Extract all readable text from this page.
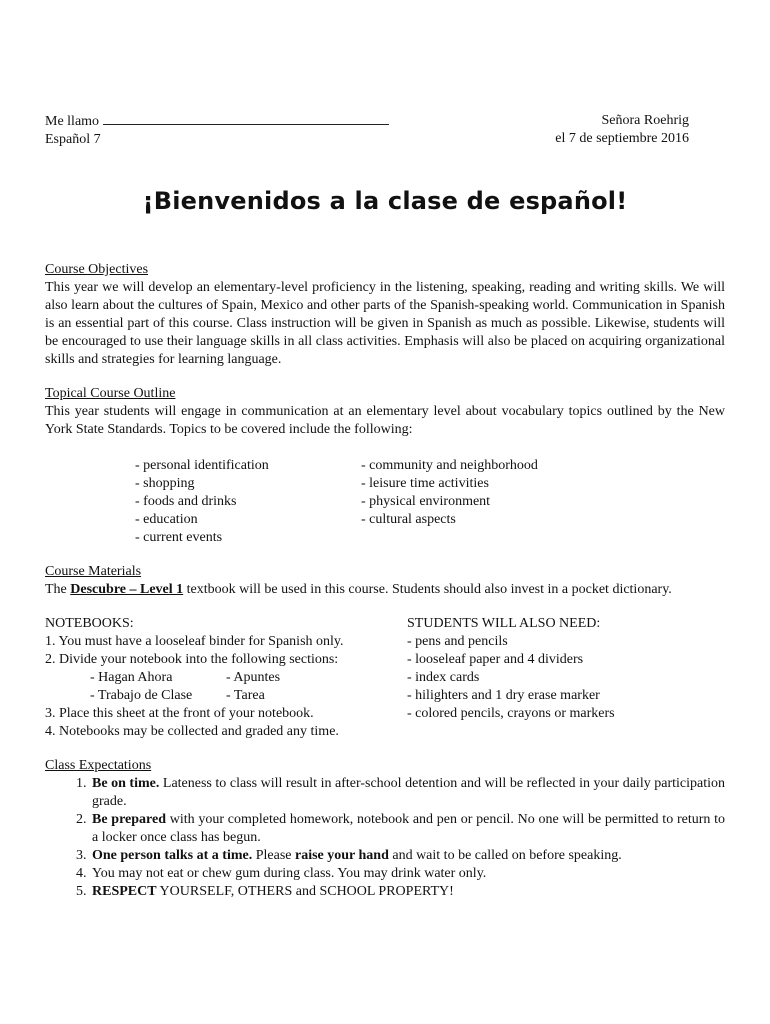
Me llamo
Español 7
Señora Roehrig
el 7 de septiembre 2016
¡Bienvenidos a la clase de español!
Course Objectives

This year we will develop an elementary-level proficiency in the listening, speaking, reading and writing skills. We will also learn about the cultures of Spain, Mexico and other parts of the Spanish-speaking world. Communication in Spanish is an essential part of this course. Class instruction will be given in Spanish as much as possible. Likewise, students will be encouraged to use their language skills in all class activities. Emphasis will also be placed on acquiring organizational skills and strategies for learning language.

Topical Course Outline

This year students will engage in communication at an elementary level about vocabulary topics outlined by the New York State Standards. Topics to be covered include the following:

- personal identification
- shopping
- foods and drinks
- education
- current events
- community and neighborhood
- leisure time activities
- physical environment
- cultural aspects
Course Materials

The Descubre – Level 1 textbook will be used in this course. Students should also invest in a pocket dictionary.

NOTEBOOKS:
1. You must have a looseleaf binder for Spanish only.
2. Divide your notebook into the following sections:
- Hagan Ahora	- Apuntes
- Trabajo de Clase	- Tarea
3. Place this sheet at the front of your notebook.
4. Notebooks may be collected and graded any time.
STUDENTS WILL ALSO NEED:
- pens and pencils
- looseleaf paper and 4 dividers
- index cards
- hilighters and 1 dry erase marker
- colored pencils, crayons or markers
Class Expectations
1. Be on time. Lateness to class will result in after-school detention and will be reflected in your daily participation grade.
2. Be prepared with your completed homework, notebook and pen or pencil. No one will be permitted to return to a locker once class has begun.
3. One person talks at a time. Please raise your hand and wait to be called on before speaking.
4. You may not eat or chew gum during class. You may drink water only.
5. RESPECT YOURSELF, OTHERS and SCHOOL PROPERTY!
